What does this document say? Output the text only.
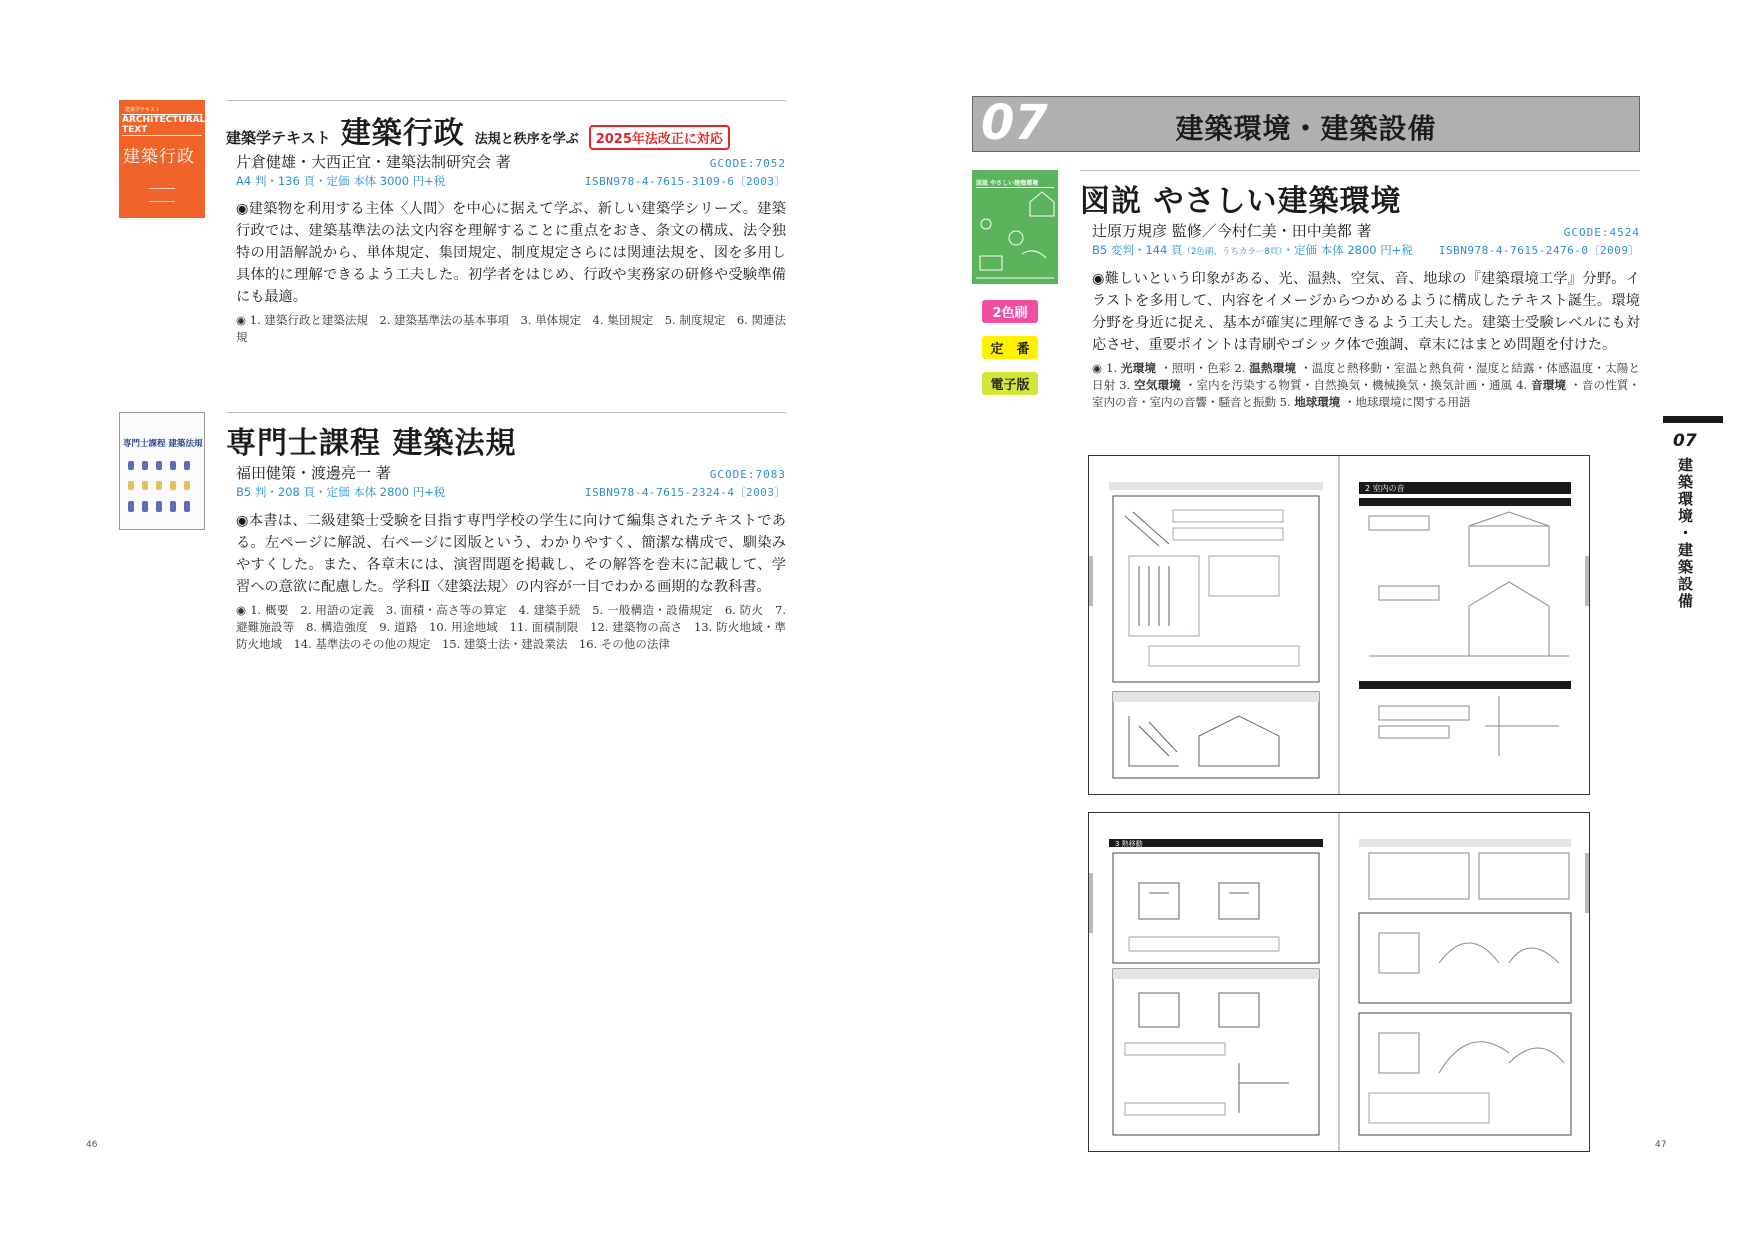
建築学テキスト
ARCHITECTURAL TEXT
建築行政
建築学テキスト 建築行政 法規と秩序を学ぶ	2025年法改正に対応
片倉健雄・大西正宜・建築法制研究会 著	GCODE:7052
A4 判・136 頁・定価 本体 3000 円+税	ISBN978-4-7615-3109-6〔2003〕

◉建築物を利用する主体〈人間〉を中心に据えて学ぶ、新しい建築学シリーズ。建築行政では、建築基準法の法文内容を理解することに重点をおき、条文の構成、法令独特の用語解説から、単体規定、集団規定、制度規定さらには関連法規を、図を多用し具体的に理解できるよう工夫した。初学者をはじめ、行政や実務家の研修や受験準備にも最適。

◉ 1. 建築行政と建築法規　2. 建築基準法の基本事項　3. 単体規定　4. 集団規定　5. 制度規定　6. 関連法規

専門士課程 建築法規 専門士課程 建築法規
福田健策・渡邊亮一 著	GCODE:7083
B5 判・208 頁・定価 本体 2800 円+税	ISBN978-4-7615-2324-4〔2003〕

◉本書は、二級建築士受験を目指す専門学校の学生に向けて編集されたテキストである。左ページに解説、右ページに図版という、わかりやすく、簡潔な構成で、馴染みやすくした。また、各章末には、演習問題を掲載し、その解答を巻末に記載して、学習への意欲に配慮した。学科Ⅱ〈建築法規〉の内容が一目でわかる画期的な教科書。

◉ 1. 概要　2. 用語の定義　3. 面積・高さ等の算定　4. 建築手続　5. 一般構造・設備規定　6. 防火　7. 避難施設等　8. 構造強度　9. 道路　10. 用途地域　11. 面積制限　12. 建築物の高さ　13. 防火地域・準防火地域　14. 基準法のその他の規定　15. 建築士法・建設業法　16. その他の法律

46
07	建築環境・建築設備
図説 やさしい建築環境
2色刷
定　番
電子版
図説 やさしい建築環境
辻原万規彦 監修／今村仁美・田中美都 著	GCODE:4524
B5 変判・144 頁（2色刷、うちカラー8頁）・定価 本体 2800 円+税 ISBN978-4-7615-2476-0〔2009〕

◉難しいという印象がある、光、温熱、空気、音、地球の『建築環境工学』分野。イラストを多用して、内容をイメージからつかめるように構成したテキスト誕生。環境分野を身近に捉え、基本が確実に理解できるよう工夫した。建築士受験レベルにも対応させ、重要ポイントは青刷やゴシック体で強調、章末にはまとめ問題を付けた。

◉ 1. 光環境 ・照明・色彩 2. 温熱環境 ・温度と熱移動・室温と熱負荷・湿度と結露・体感温度・太陽と日射 3. 空気環境 ・室内を汚染する物質・自然換気・機械換気・換気計画・通風 4. 音環境 ・音の性質・室内の音・室内の音響・騒音と振動 5. 地球環境 ・地球環境に関する用語
2 室内の音
3 熱移動
07
建築環境・建築設備
47
